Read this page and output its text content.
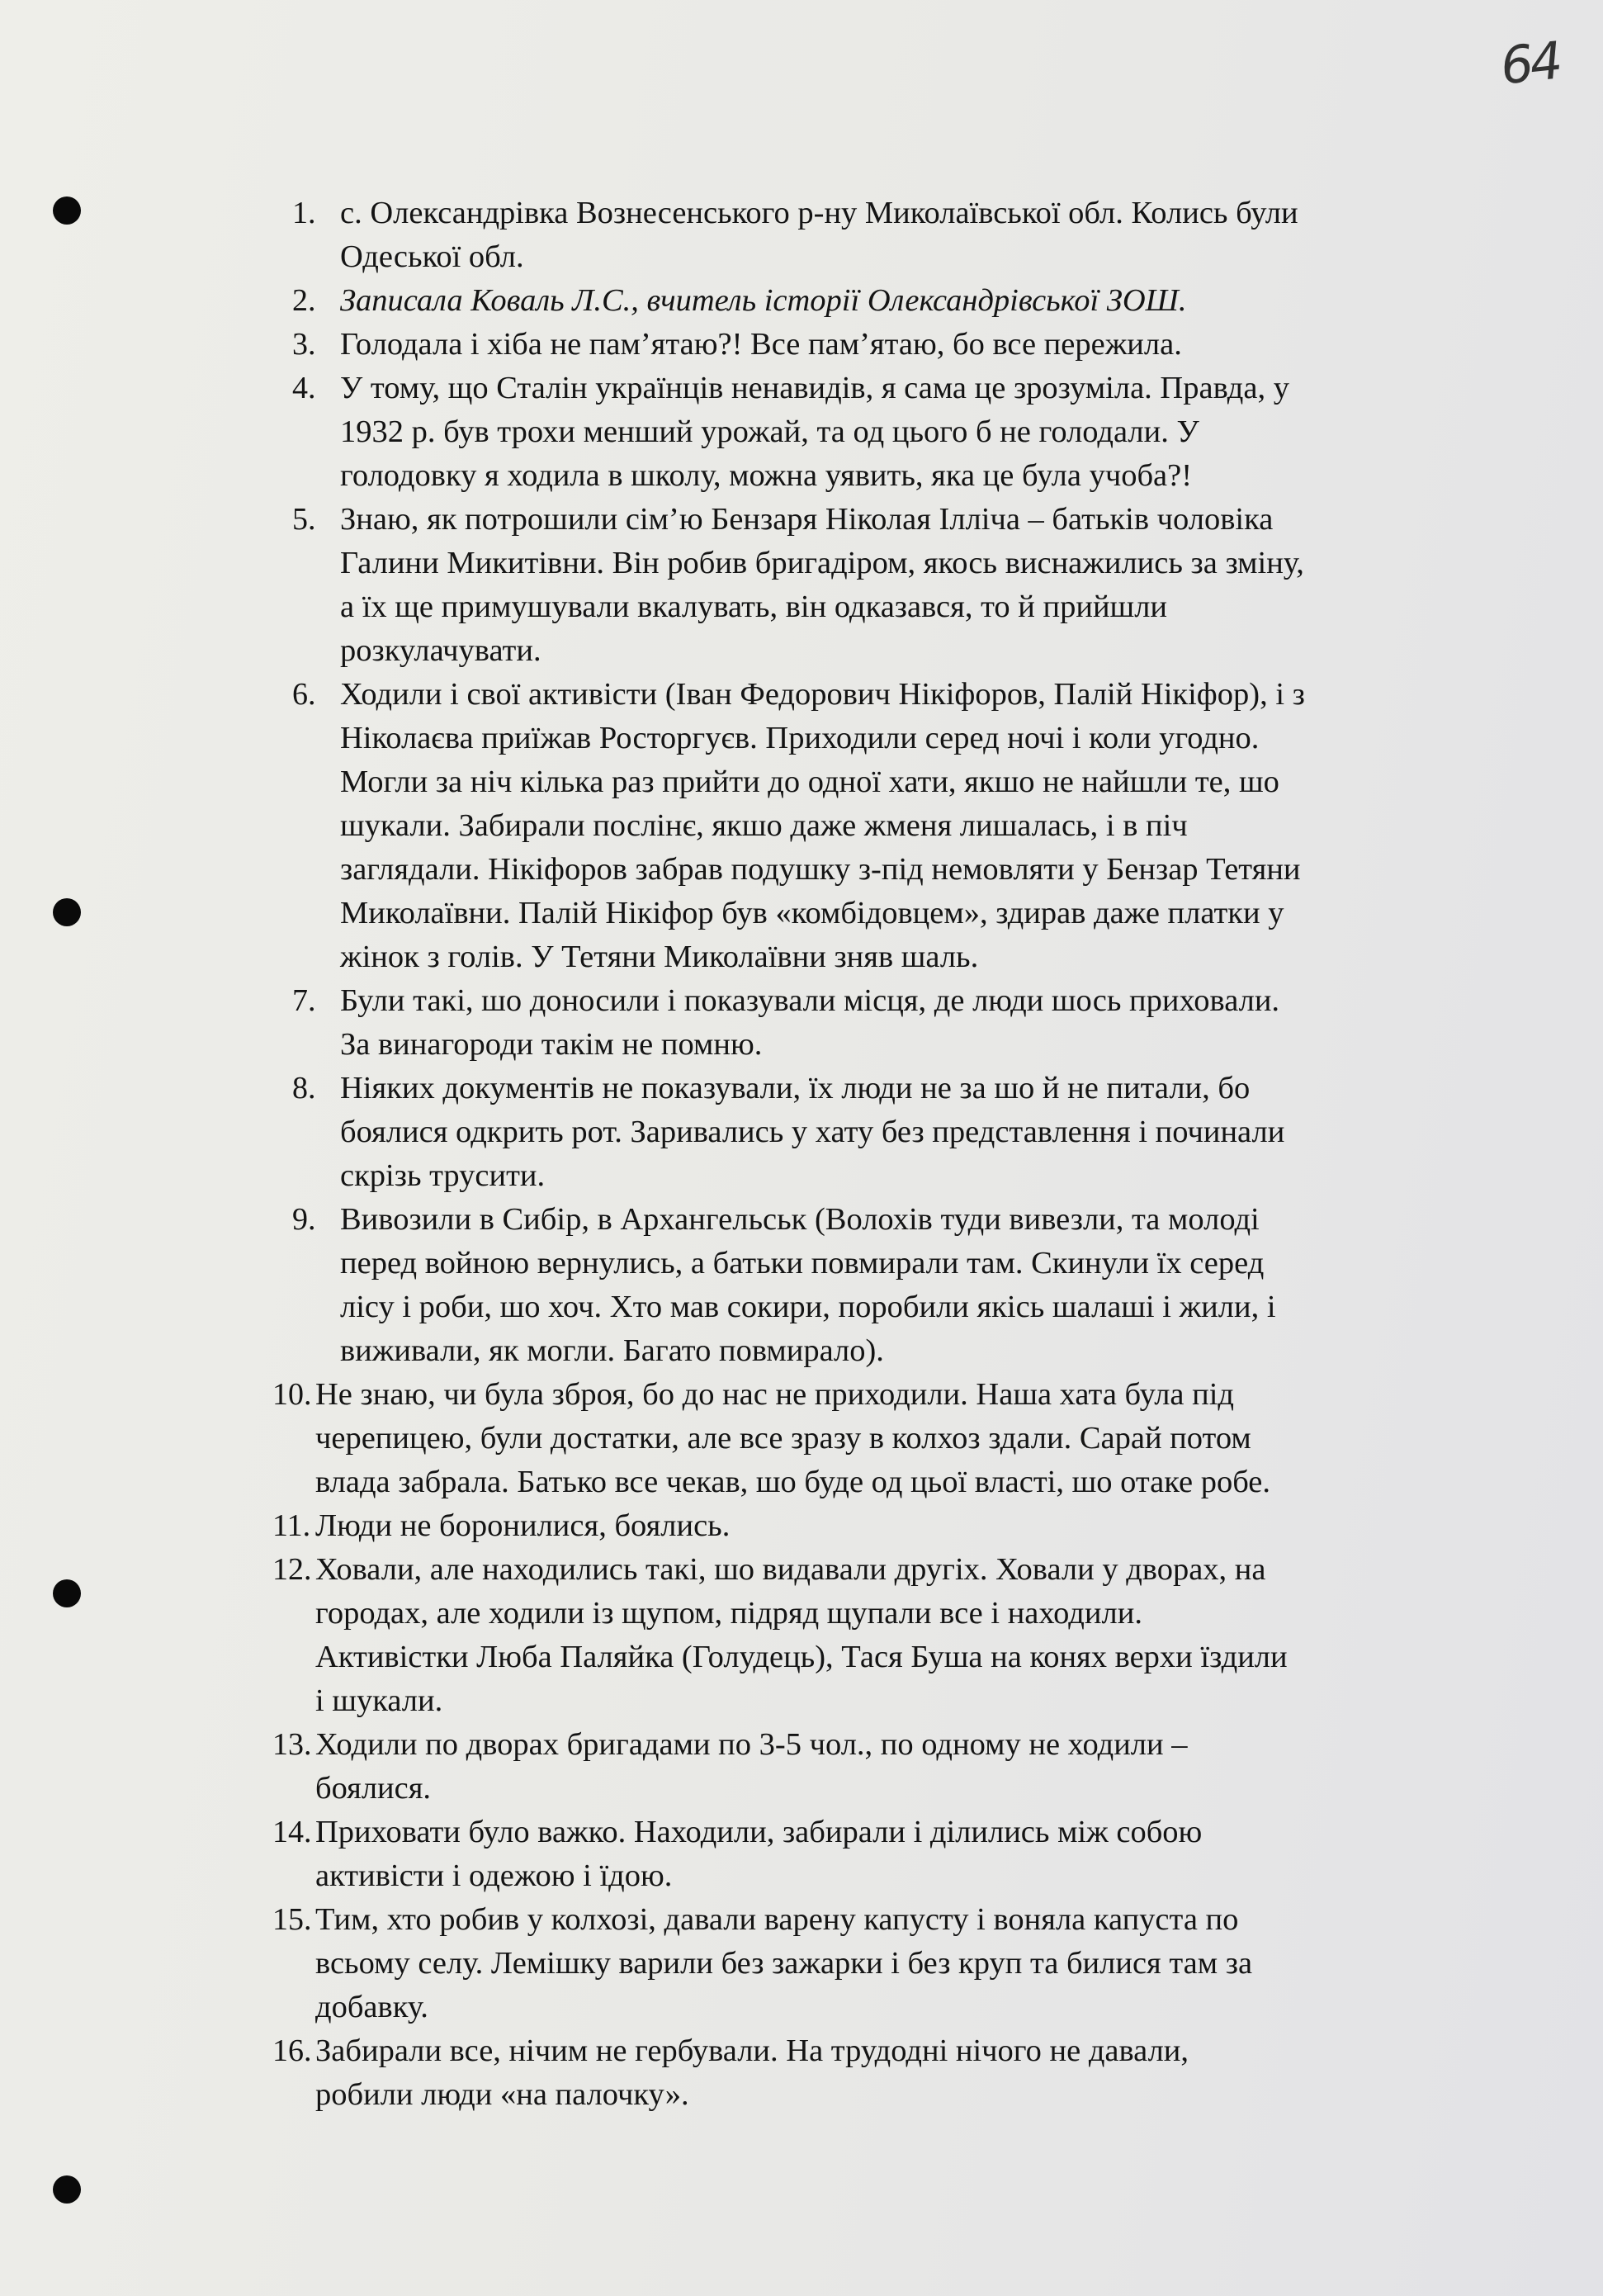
64
1. с. Олександрівка Вознесенського р-ну Миколаївської обл. Колись були
Одеської обл.
2. Записала Коваль Л.С., вчитель історії Олександрівської ЗОШ.
3. Голодала і хіба не пам’ятаю?! Все пам’ятаю, бо все пережила.
4. У тому, що Сталін українців ненавидів, я сама це зрозуміла. Правда, у
1932 р. був трохи менший урожай, та од цього б не голодали. У
голодовку я ходила в школу, можна уявить, яка це була учоба?!
5. Знаю, як потрошили сім’ю Бензаря Ніколая Ілліча – батьків чоловіка
Галини Микитівни. Він робив бригадіром, якось виснажились за зміну,
а їх ще примушували вкалувать, він одказався, то й прийшли
розкулачувати.
6. Ходили і свої активісти (Іван Федорович Нікіфоров, Палій Нікіфор), і з
Ніколаєва приїжав Росторгуєв. Приходили серед ночі і коли угодно.
Могли за ніч кілька раз прийти до одної хати, якшо не найшли те, шо
шукали. Забирали послінє, якшо даже жменя лишалась, і в піч
заглядали. Нікіфоров забрав подушку з-під немовляти у Бензар Тетяни
Миколаївни. Палій Нікіфор був «комбідовцем», здирав даже платки у
жінок з голів. У Тетяни Миколаївни зняв шаль.
7. Були такі, шо доносили і показували місця, де люди шось приховали.
За винагороди такім не помню.
8. Ніяких документів не показували, їх люди не за шо й не питали, бо
боялися одкрить рот. Заривались у хату без представлення і починали
скрізь трусити.
9. Вивозили в Сибір, в Архангельськ (Волохів туди вивезли, та молоді
перед войною вернулись, а батьки повмирали там. Скинули їх серед
лісу і роби, шо хоч. Хто мав сокири, поробили якісь шалаші і жили, і
виживали, як могли. Багато повмирало).
10. Не знаю, чи була зброя, бо до нас не приходили. Наша хата була під
черепицею, були достатки, але все зразу в колхоз здали. Сарай потом
влада забрала. Батько все чекав, шо буде од цьої власті, шо отаке робе.
11. Люди не боронилися, боялись.
12. Ховали, але находились такі, шо видавали другіх. Ховали у дворах, на
городах, але ходили із щупом, підряд щупали все і находили.
Активістки Люба Паляйка (Голудець), Тася Буша на конях верхи їздили
і шукали.
13. Ходили по дворах бригадами по 3-5 чол., по одному не ходили –
боялися.
14. Приховати було важко. Находили, забирали і ділились між собою
активісти і одежою і їдою.
15. Тим, хто робив у колхозі, давали варену капусту і воняла капуста по
всьому селу. Лемішку варили без зажарки і без круп та билися там за
добавку.
16. Забирали все, нічим не гербували. На трудодні нічого не давали,
робили люди «на палочку».
